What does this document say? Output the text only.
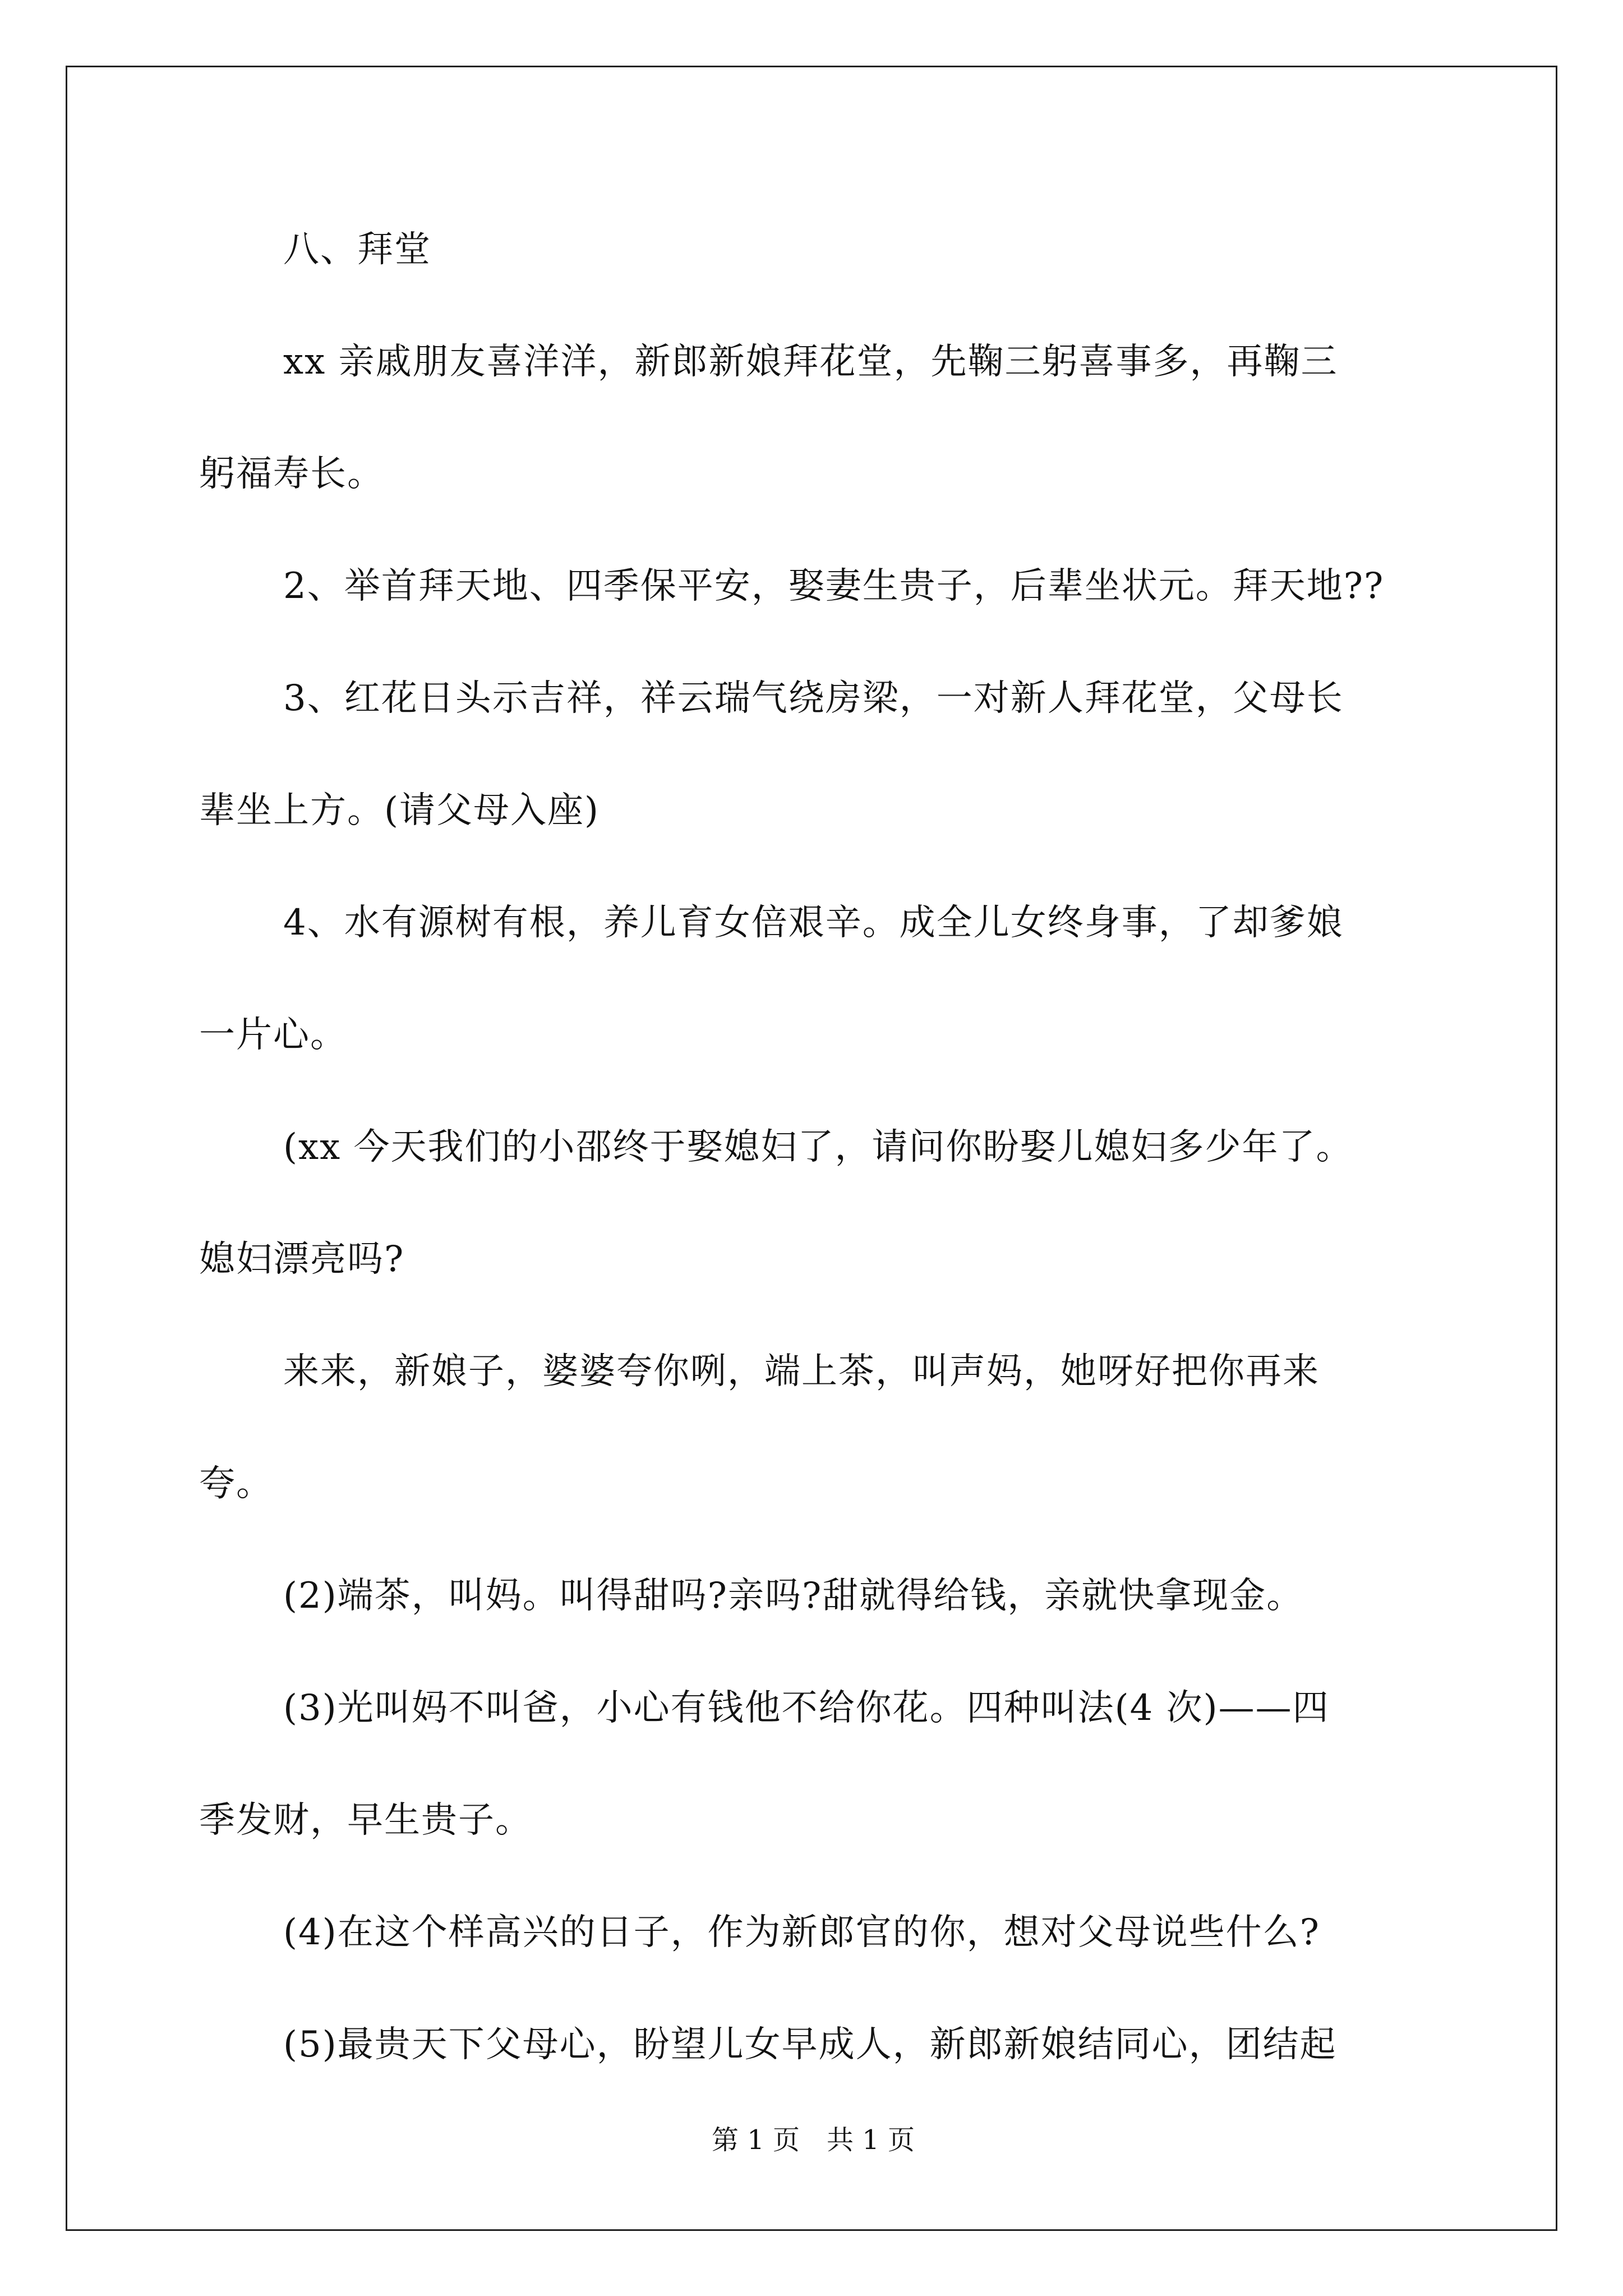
八、拜堂
xx 亲戚朋友喜洋洋，新郎新娘拜花堂，先鞠三躬喜事多，再鞠三
躬福寿长。
2、举首拜天地、四季保平安，娶妻生贵子，后辈坐状元。拜天地??
3、红花日头示吉祥，祥云瑞气绕房梁，一对新人拜花堂，父母长
辈坐上方。(请父母入座)
4、水有源树有根，养儿育女倍艰辛。成全儿女终身事，了却爹娘
一片心。
(xx 今天我们的小邵终于娶媳妇了，请问你盼娶儿媳妇多少年了。
媳妇漂亮吗?
来来，新娘子，婆婆夸你咧，端上茶，叫声妈，她呀好把你再来
夸。
(2)端茶，叫妈。叫得甜吗?亲吗?甜就得给钱，亲就快拿现金。
(3)光叫妈不叫爸，小心有钱他不给你花。四种叫法(4 次)——四
季发财，早生贵子。
(4)在这个样高兴的日子，作为新郎官的你，想对父母说些什么?
(5)最贵天下父母心，盼望儿女早成人，新郎新娘结同心，团结起
第 1 页　共 1 页
